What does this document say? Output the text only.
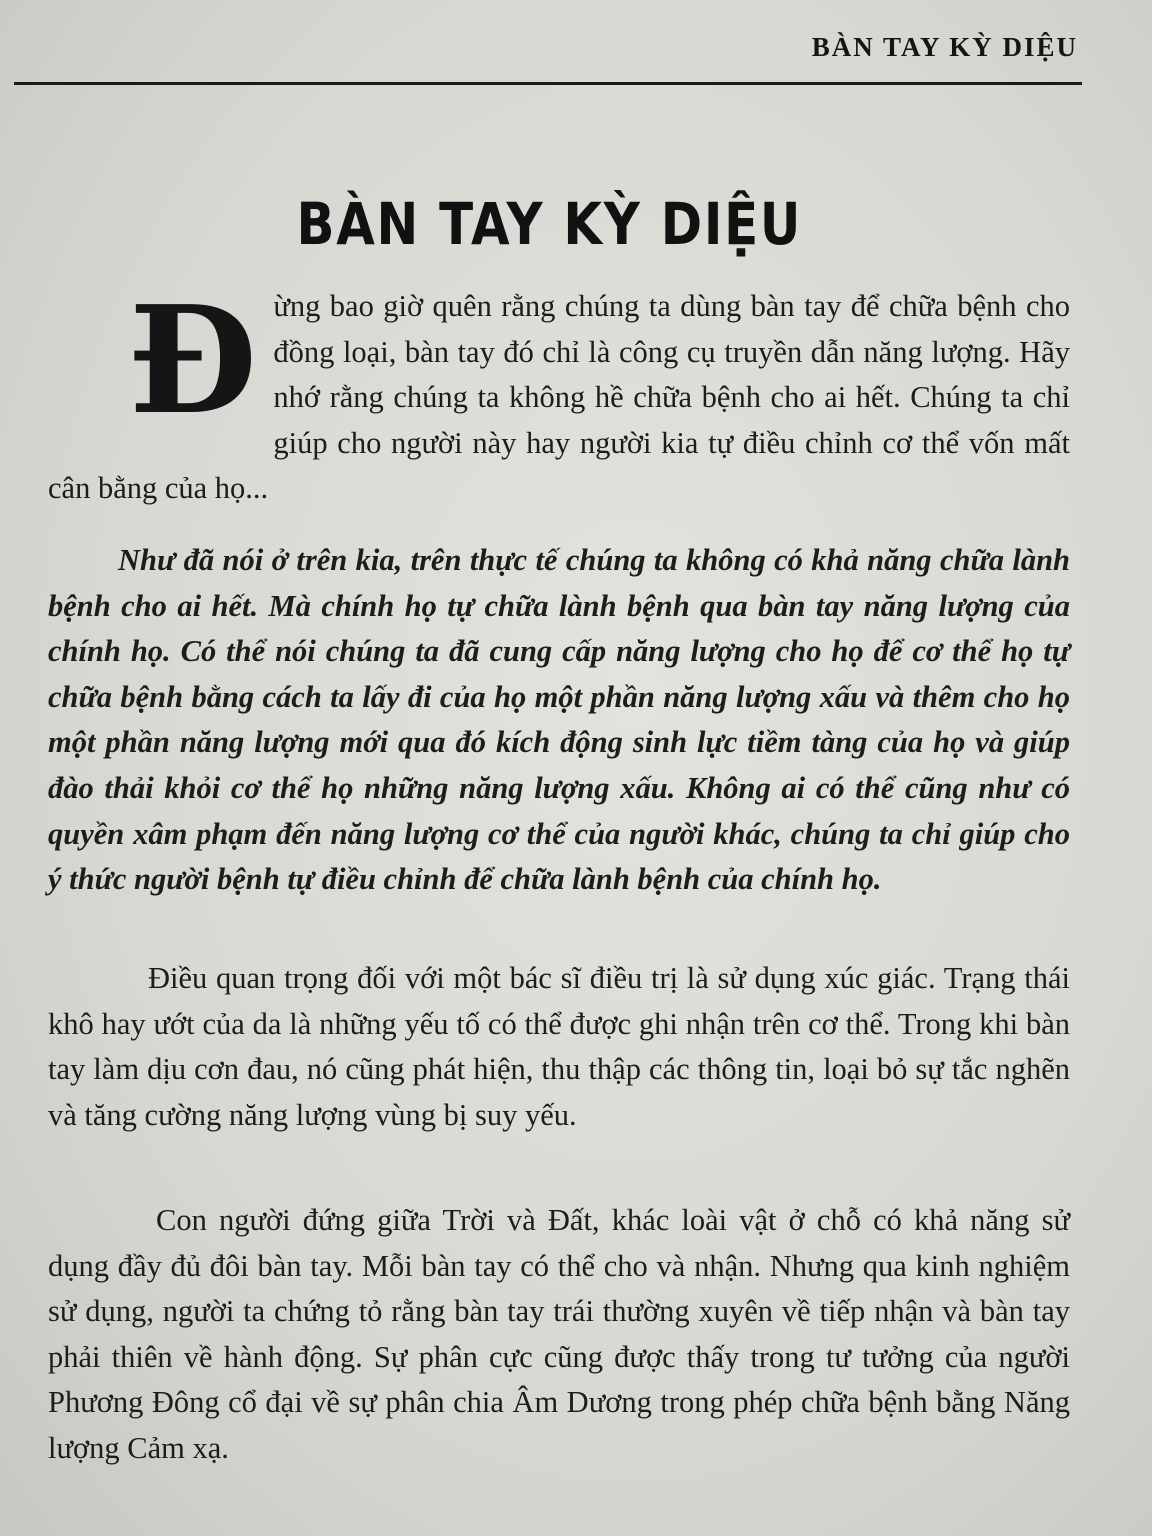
BÀN TAY KỲ DIỆU
BÀN TAY KỲ DIỆU
Đừng bao giờ quên rằng chúng ta dùng bàn tay để chữa bệnh cho đồng loại, bàn tay đó chỉ là công cụ truyền dẫn năng lượng. Hãy nhớ rằng chúng ta không hề chữa bệnh cho ai hết. Chúng ta chỉ giúp cho người này hay người kia tự điều chỉnh cơ thể vốn mất cân bằng của họ...
Như đã nói ở trên kia, trên thực tế chúng ta không có khả năng chữa lành bệnh cho ai hết. Mà chính họ tự chữa lành bệnh qua bàn tay năng lượng của chính họ. Có thể nói chúng ta đã cung cấp năng lượng cho họ để cơ thể họ tự chữa bệnh bằng cách ta lấy đi của họ một phần năng lượng xấu và thêm cho họ một phần năng lượng mới qua đó kích động sinh lực tiềm tàng của họ và giúp đào thải khỏi cơ thể họ những năng lượng xấu. Không ai có thể cũng như có quyền xâm phạm đến năng lượng cơ thể của người khác, chúng ta chỉ giúp cho ý thức người bệnh tự điều chỉnh để chữa lành bệnh của chính họ.
Điều quan trọng đối với một bác sĩ điều trị là sử dụng xúc giác. Trạng thái khô hay ướt của da là những yếu tố có thể được ghi nhận trên cơ thể. Trong khi bàn tay làm dịu cơn đau, nó cũng phát hiện, thu thập các thông tin, loại bỏ sự tắc nghẽn và tăng cường năng lượng vùng bị suy yếu.
Con người đứng giữa Trời và Đất, khác loài vật ở chỗ có khả năng sử dụng đầy đủ đôi bàn tay. Mỗi bàn tay có thể cho và nhận. Nhưng qua kinh nghiệm sử dụng, người ta chứng tỏ rằng bàn tay trái thường xuyên về tiếp nhận và bàn tay phải thiên về hành động. Sự phân cực cũng được thấy trong tư tưởng của người Phương Đông cổ đại về sự phân chia Âm Dương trong phép chữa bệnh bằng Năng lượng Cảm xạ.
